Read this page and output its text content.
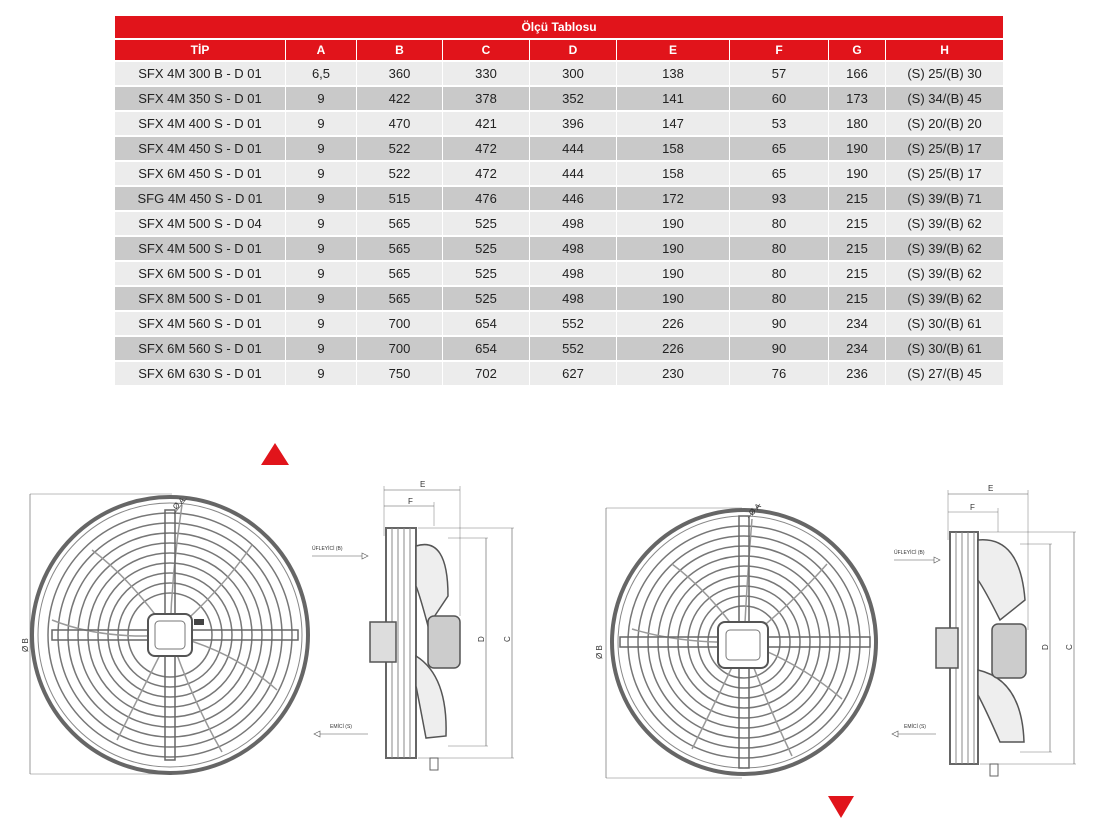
Ölçü Tablosu								
TİP	A	B	C	D	E	F	G	H
SFX 4M 300 B - D 01	6,5	360	330	300	138	57	166	(S) 25/(B) 30
SFX 4M 350 S - D 01	9	422	378	352	141	60	173	(S) 34/(B) 45
SFX 4M 400 S - D 01	9	470	421	396	147	53	180	(S) 20/(B) 20
SFX 4M 450 S - D 01	9	522	472	444	158	65	190	(S) 25/(B) 17
SFX 6M 450 S - D 01	9	522	472	444	158	65	190	(S) 25/(B) 17
SFG 4M 450 S - D 01	9	515	476	446	172	93	215	(S) 39/(B) 71
SFX 4M 500 S - D 04	9	565	525	498	190	80	215	(S) 39/(B) 62
SFX 4M 500 S - D 01	9	565	525	498	190	80	215	(S) 39/(B) 62
SFX 6M 500 S - D 01	9	565	525	498	190	80	215	(S) 39/(B) 62
SFX 8M 500 S - D 01	9	565	525	498	190	80	215	(S) 39/(B) 62
SFX 4M 560 S - D 01	9	700	654	552	226	90	234	(S) 30/(B) 61
SFX 6M 560 S - D 01	9	700	654	552	226	90	234	(S) 30/(B) 61
SFX 6M 630 S - D 01	9	750	702	627	230	76	236	(S) 27/(B) 45
Ø B
Ø A
E
F
D C
ÜFLEYİCİ (B)
EMİCİ (S)
Ø B
Ø A
E
F
D C
ÜFLEYİCİ (B)
EMİCİ (S)
